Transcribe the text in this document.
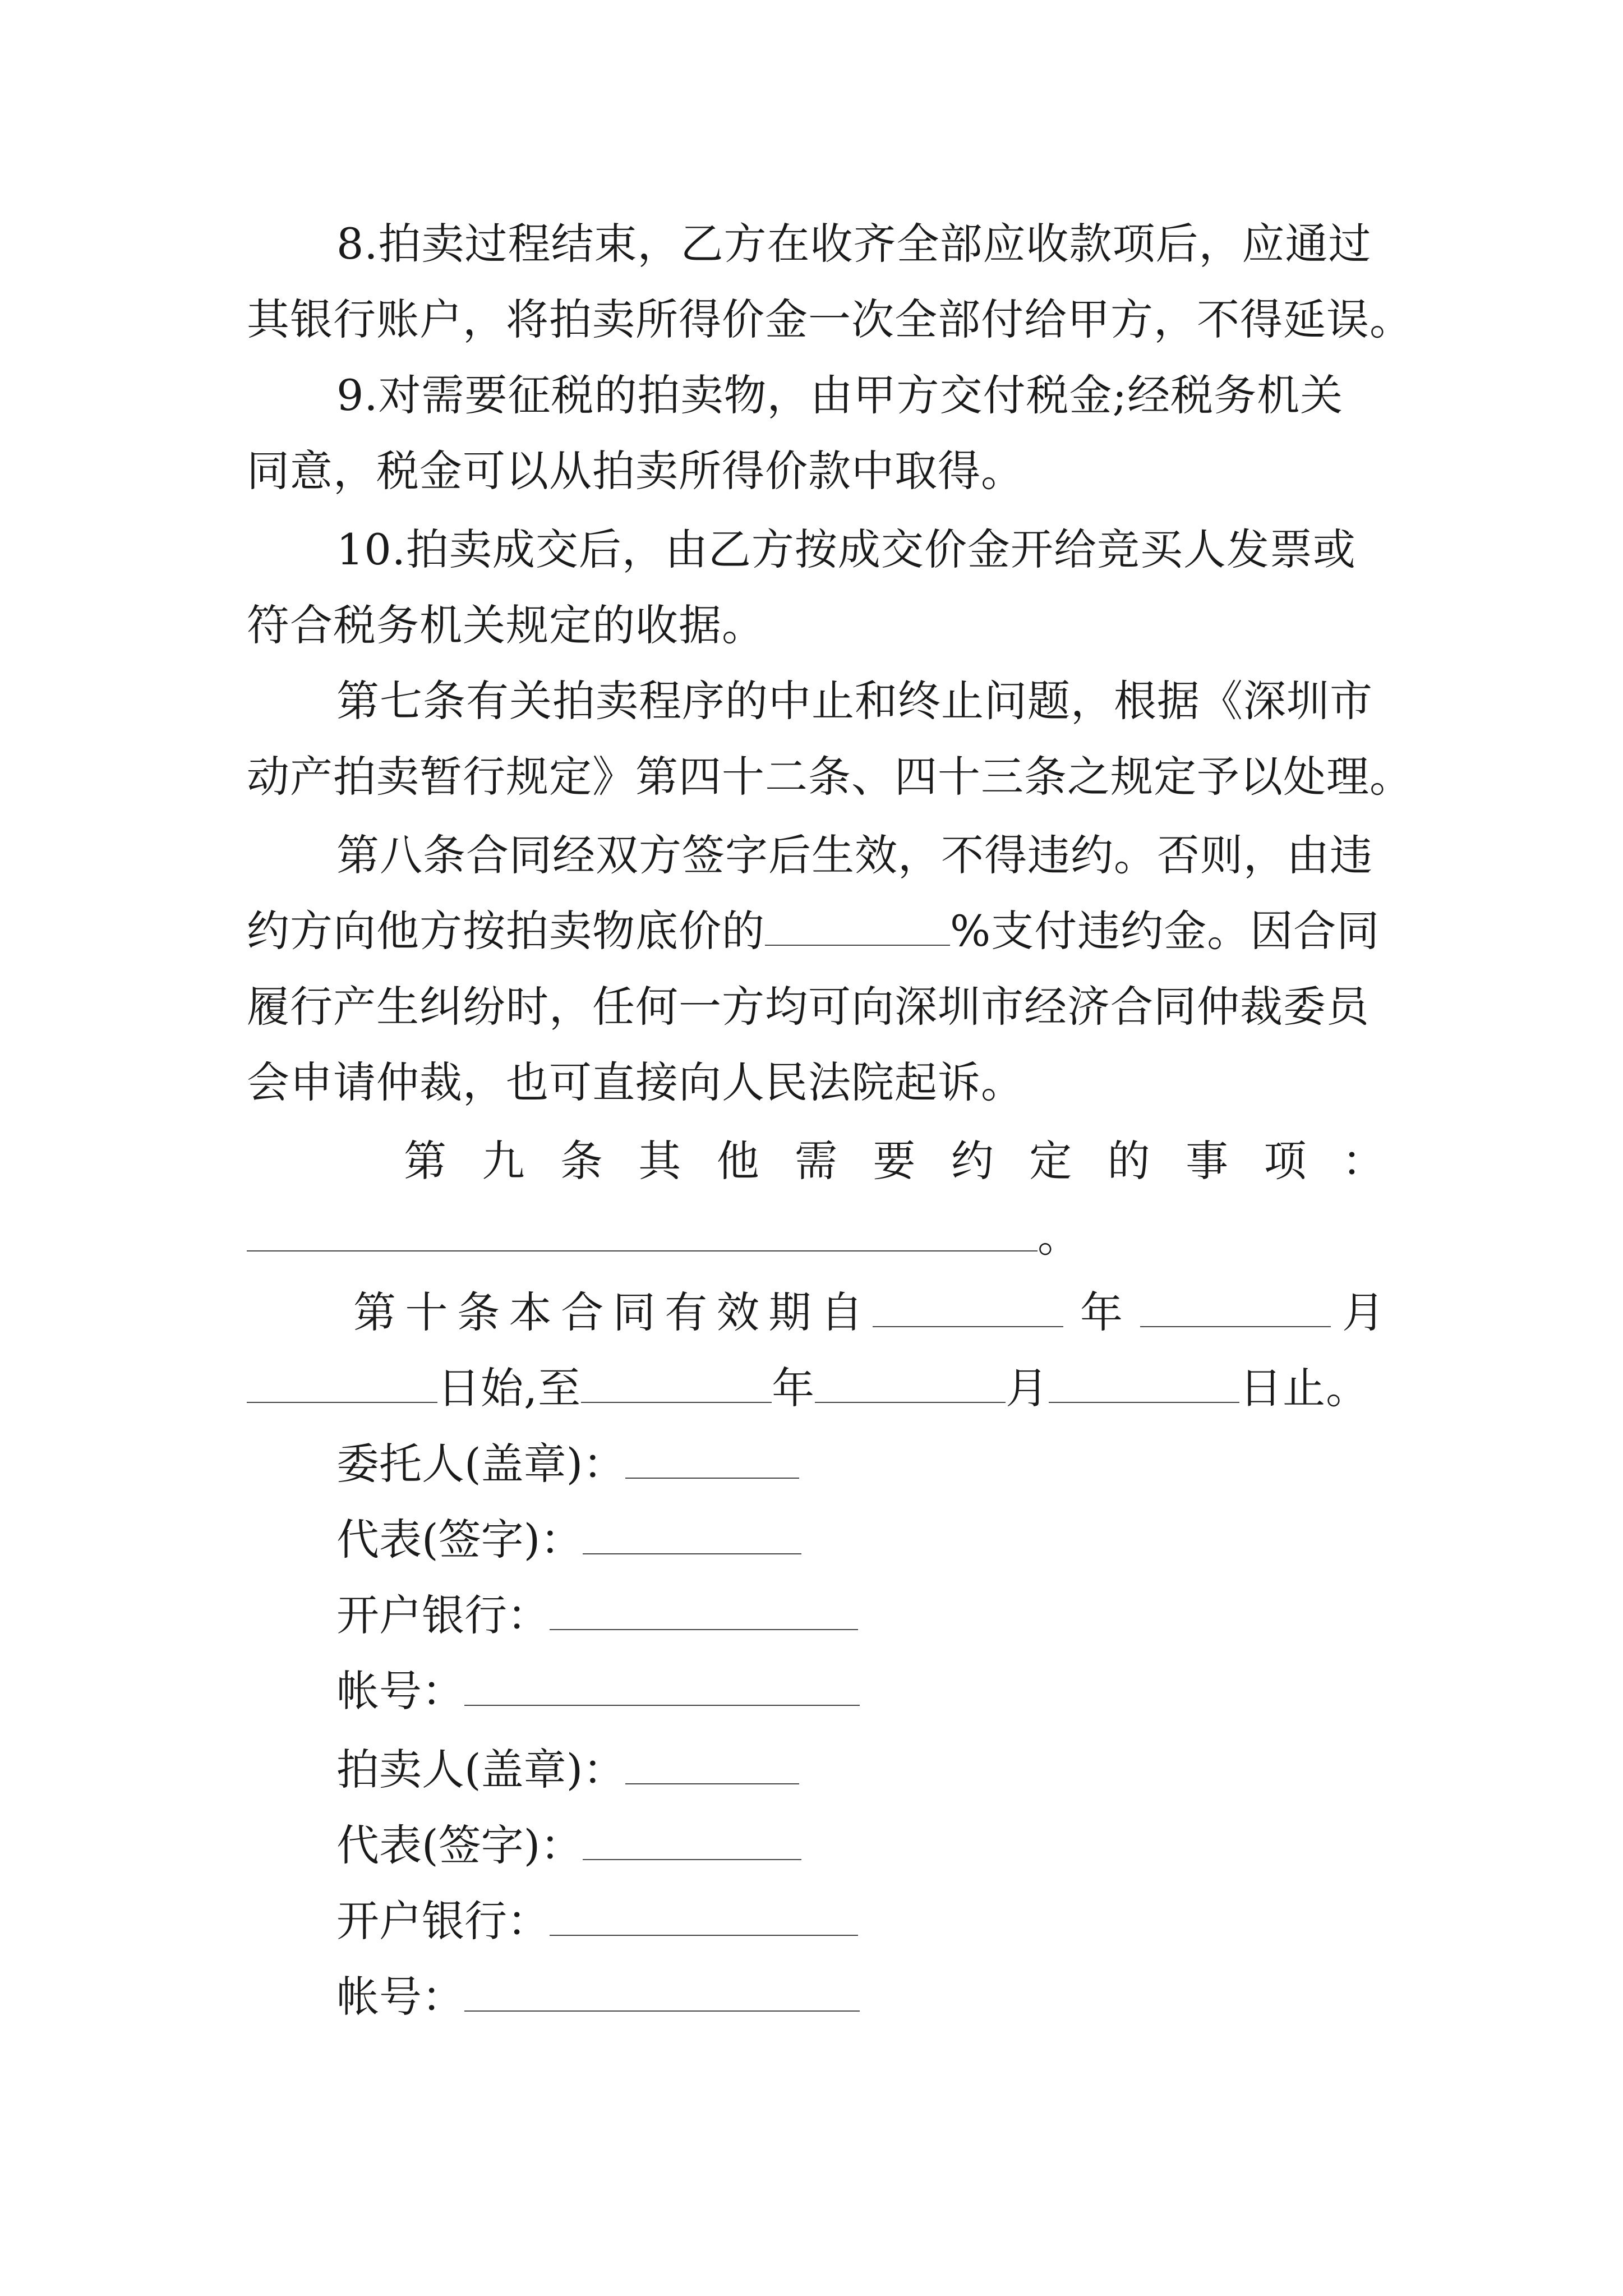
8.拍卖过程结束，乙方在收齐全部应收款项后，应通过
其银行账户，将拍卖所得价金一次全部付给甲方，不得延误。
9.对需要征税的拍卖物，由甲方交付税金;经税务机关
同意，税金可以从拍卖所得价款中取得。
10.拍卖成交后，由乙方按成交价金开给竞买人发票或
符合税务机关规定的收据。
第七条有关拍卖程序的中止和终止问题，根据《深圳市
动产拍卖暂行规定》第四十二条、四十三条之规定予以处理。
第八条合同经双方签字后生效，不得违约。否则，由违
约方向他方按拍卖物底价的	%支付违约金。因合同
履行产生纠纷时，任何一方均可向深圳市经济合同仲裁委员
会申请仲裁，也可直接向人民法院起诉。
第 九 条 其 他 需 要 约 定 的 事 项 ：
。
第 十 条 本 合 同 有 效 期 自	年	月
日始,至	年	月	日止。
委托人(盖章)：
代表(签字)：
开户银行：
帐号：
拍卖人(盖章)：
代表(签字)：
开户银行：
帐号：
